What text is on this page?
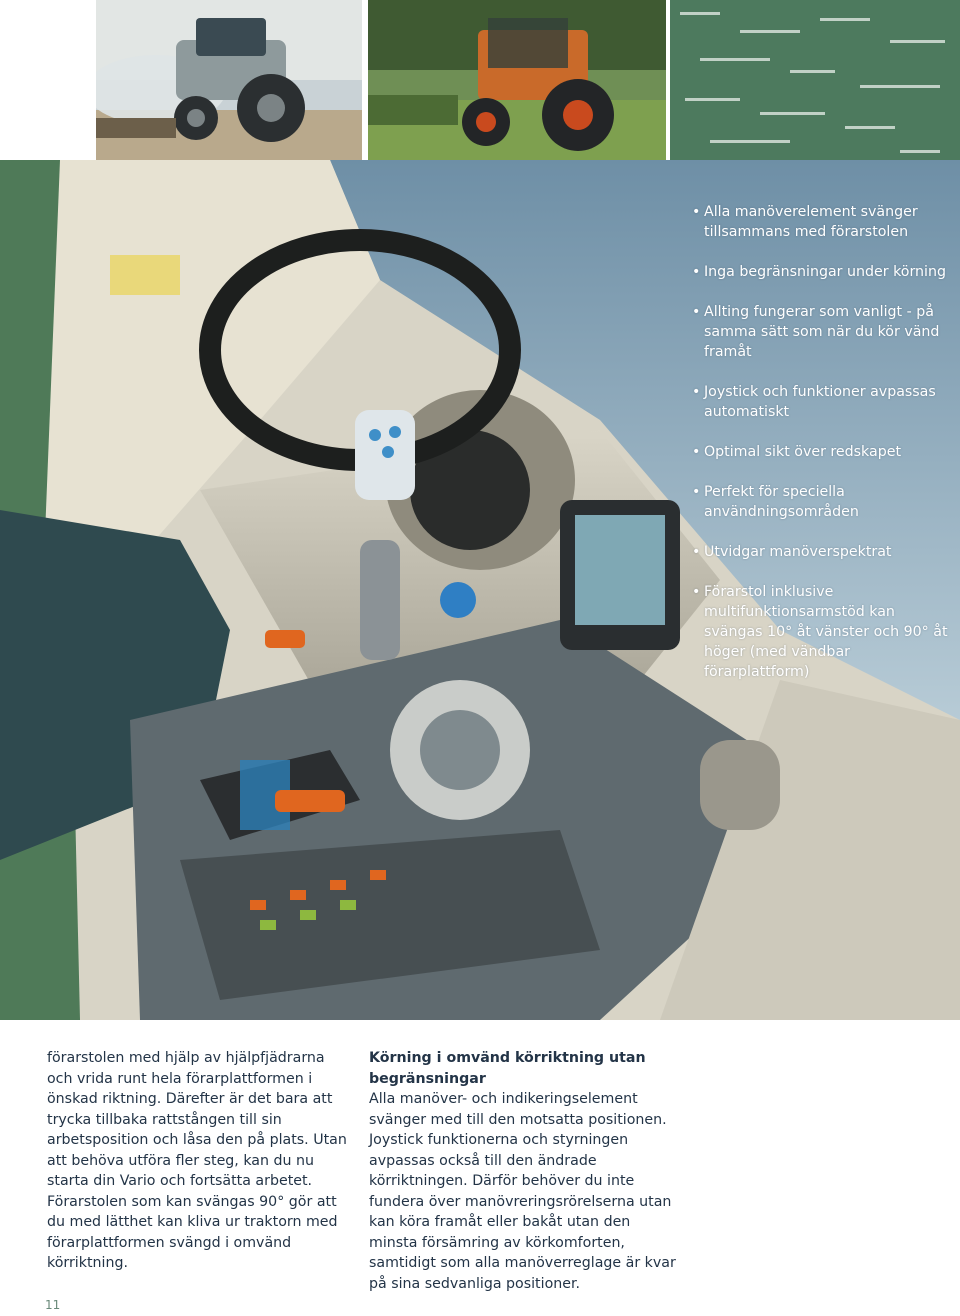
• Alla manöverelement svänger tillsammans med förarstolen
• Inga begränsningar under körning
• Allting fungerar som vanligt - på samma sätt som när du kör vänd framåt
• Joystick och funktioner avpassas automatiskt
• Optimal sikt över redskapet
• Perfekt för speciella användningsområden
• Utvidgar manöverspektrat
• Förarstol inklusive multifunktionsarmstöd kan svängas 10° åt vänster och 90° åt höger (med vändbar förarplattform)

förarstolen med hjälp av hjälpfjädrarna och vrida runt hela förarplattformen i önskad riktning. Därefter är det bara att trycka tillbaka rattstången till sin arbetsposition och låsa den på plats. Utan att behöva utföra fler steg, kan du nu starta din Vario och fortsätta arbetet. Förarstolen som kan svängas 90° gör att du med lätthet kan kliva ur traktorn med förarplattformen svängd i omvänd körriktning.

Körning i omvänd körriktning utan begränsningar

Alla manöver- och indikeringselement svänger med till den motsatta positionen. Joystick funktionerna och styrningen avpassas också till den ändrade körriktningen. Därför behöver du inte fundera över manövreringsrörelserna utan kan köra framåt eller bakåt utan den minsta försämring av körkomforten, samtidigt som alla manöverreglage är kvar på sina sedvanliga positioner.

11
